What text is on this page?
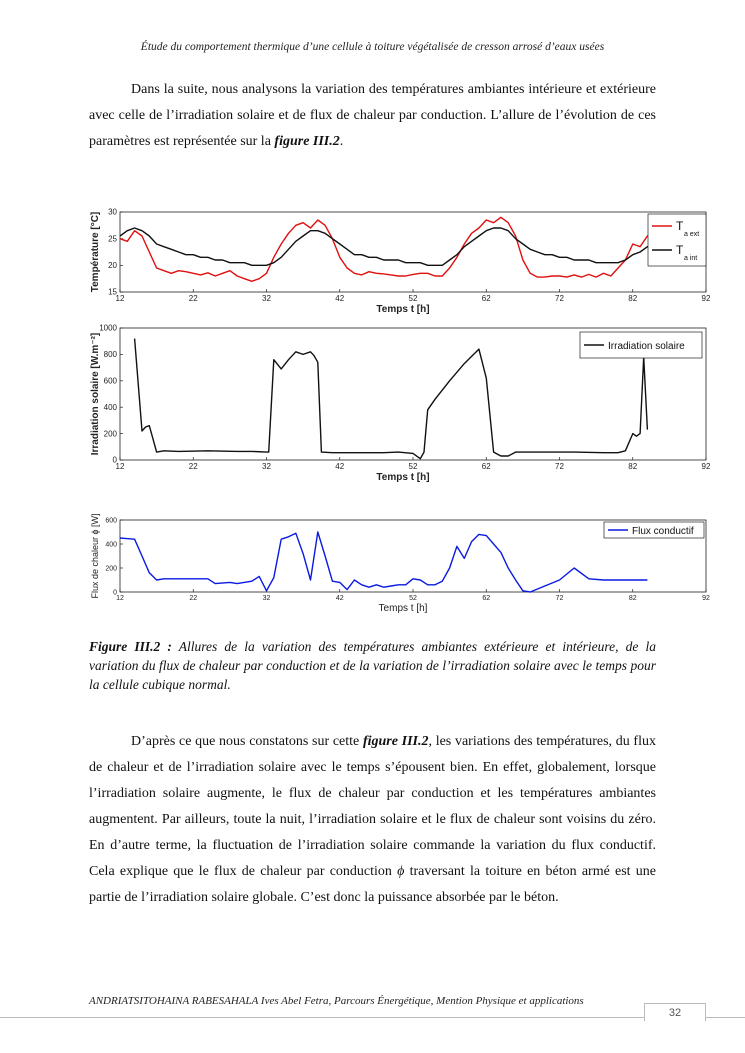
Étude du comportement thermique d’une cellule à toiture végétalisée de cresson arrosé d’eaux usées
Dans la suite, nous analysons la variation des températures ambiantes intérieure et extérieure avec celle de l’irradiation solaire et de flux de chaleur par conduction. L’allure de l’évolution de ces paramètres est représentée sur la figure III.2.
12	22	32	42	52	62	72	82	92
15
20
25
30
Temps t [h]
Température [°C]	T
a ext
T
a int
12	22	32	42	52	62	72	82	92
0
200
400
600
800
1000
Temps t [h]
Irradiation solaire [W.m⁻²]	Irradiation solaire
12	22	32	42	52	62	72	82	92
0
200
400
600
Temps t [h]
Flux de chaleur ϕ [W]	Flux conductif
Figure III.2 : Allures de la variation des températures ambiantes extérieure et intérieure, de la variation du flux de chaleur par conduction et de la variation de l’irradiation solaire avec le temps pour la cellule cubique normal.
D’après ce que nous constatons sur cette figure III.2, les variations des températures, du flux de chaleur et de l’irradiation solaire avec le temps s’épousent bien. En effet, globalement, lorsque l’irradiation solaire augmente, le flux de chaleur par conduction et les températures ambiantes augmentent. Par ailleurs, toute la nuit, l’irradiation solaire et le flux de chaleur sont voisins du zéro. En d’autre terme, la fluctuation de l’irradiation solaire commande la variation du flux conductif. Cela explique que le flux de chaleur par conduction ϕ traversant la toiture en béton armé est une partie de l’irradiation solaire globale. C’est donc la puissance absorbée par le béton.
ANDRIATSITOHAINA RABESAHALA Ives Abel Fetra, Parcours Énergétique, Mention Physique et applications
32
